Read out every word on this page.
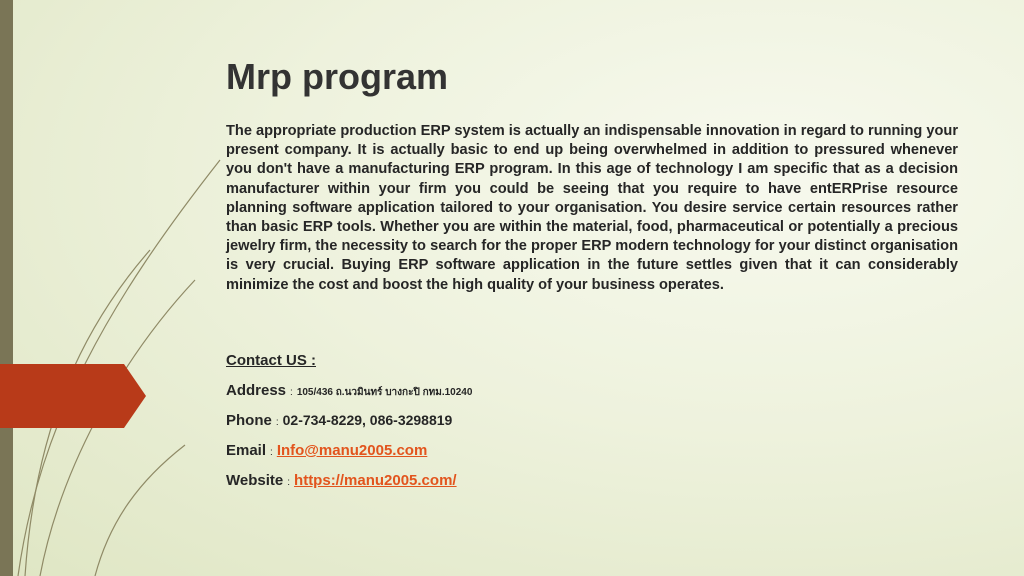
Mrp program

The appropriate production ERP system is actually an indispensable innovation in regard to running your present company. It is actually basic to end up being overwhelmed in addition to pressured whenever you don't have a manufacturing ERP program. In this age of technology I am specific that as a decision manufacturer within your firm you could be seeing that you require to have entERPrise resource planning software application tailored to your organisation. You desire service certain resources rather than basic ERP tools. Whether you are within the material, food, pharmaceutical or potentially a precious jewelry firm, the necessity to search for the proper ERP modern technology for your distinct organisation is very crucial. Buying ERP software application in the future settles given that it can considerably minimize the cost and boost the high quality of your business operates.

Contact US :
Address : 105/436 ถ.นวมินทร์ บางกะปิ กทม.10240
Phone : 02-734-8229, 086-3298819
Email : Info@manu2005.com
Website : https://manu2005.com/
